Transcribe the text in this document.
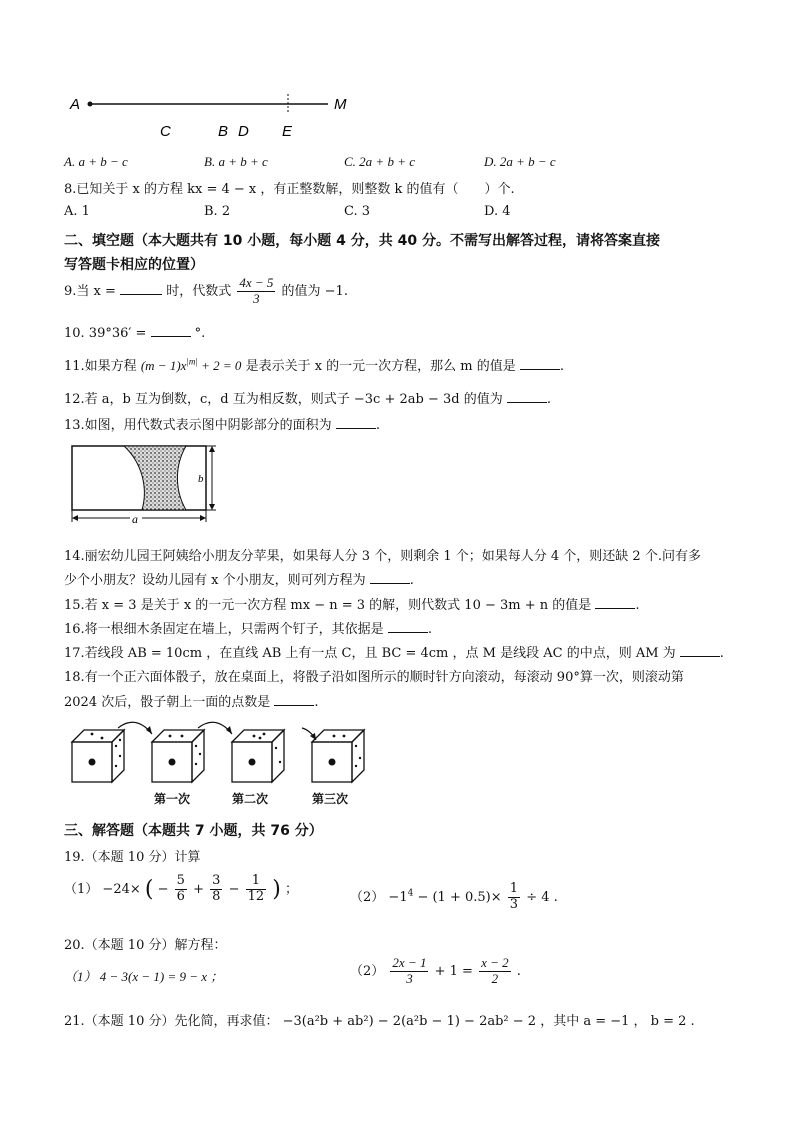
A	M
C	B D E
A. a + b − c	B. a + b + c	C. 2a + b + c	D. 2a + b − c
8.已知关于 x 的方程 kx = 4 − x ，有正整数解，则整数 k 的值有（　　）个.
A. 1	B. 2	C. 3	D. 4
二、填空题（本大题共有 10 小题，每小题 4 分，共 40 分。不需写出解答过程，请将答案直接
写答题卡相应的位置）
9.当 x =	时，代数式 $\frac{4x - 5}{3}$ 的值为 −1.
10. 39°36′ =	°.
11.如果方程 $(m - 1)x^{|m|} + 2 = 0$ 是表示关于 x 的一元一次方程，那么 m 的值是	.
12.若 a，b 互为倒数，c，d 互为相反数，则式子 −3c + 2ab − 3d 的值为	.
13.如图，用代数式表示图中阴影部分的面积为	.
b
a
14.丽宏幼儿园王阿姨给小朋友分苹果，如果每人分 3 个，则剩余 1 个；如果每人分 4 个，则还缺 2 个.问有多
少个小朋友？设幼儿园有 x 个小朋友，则可列方程为	.
15.若 x = 3 是关于 x 的一元一次方程 mx − n = 3 的解，则代数式 10 − 3m + n 的值是	.
16.将一根细木条固定在墙上，只需两个钉子，其依据是	.
17.若线段 AB = 10cm ，在直线 AB 上有一点 C，且 BC = 4cm ，点 M 是线段 AC 的中点，则 AM 为	.
18.有一个正六面体骰子，放在桌面上，将骰子沿如图所示的顺时针方向滚动，每滚动 90°算一次，则滚动第
2024 次后，骰子朝上一面的点数是	.
第一次	第二次	第三次
三、解答题（本题共 7 小题，共 76 分）
19.（本题 10 分）计算
（1） −24× ( − $\frac{5}{6} + \frac{3}{8} - \frac{1}{12}$ ) ；
$(2) -1^4 - (1 + 0.5)\times \frac{1}{3} \div 4$ .
20.（本题 10 分）解方程：
（1） 4 − 3(x − 1) = 9 − x ；	$(2) \frac{2x - 1}{3} + 1 = \frac{x - 2}{2}$ .
21.（本题 10 分）先化简，再求值： −3(a²b + ab²) − 2(a²b − 1) − 2ab² − 2 ，其中 a = −1 ， b = 2 .
